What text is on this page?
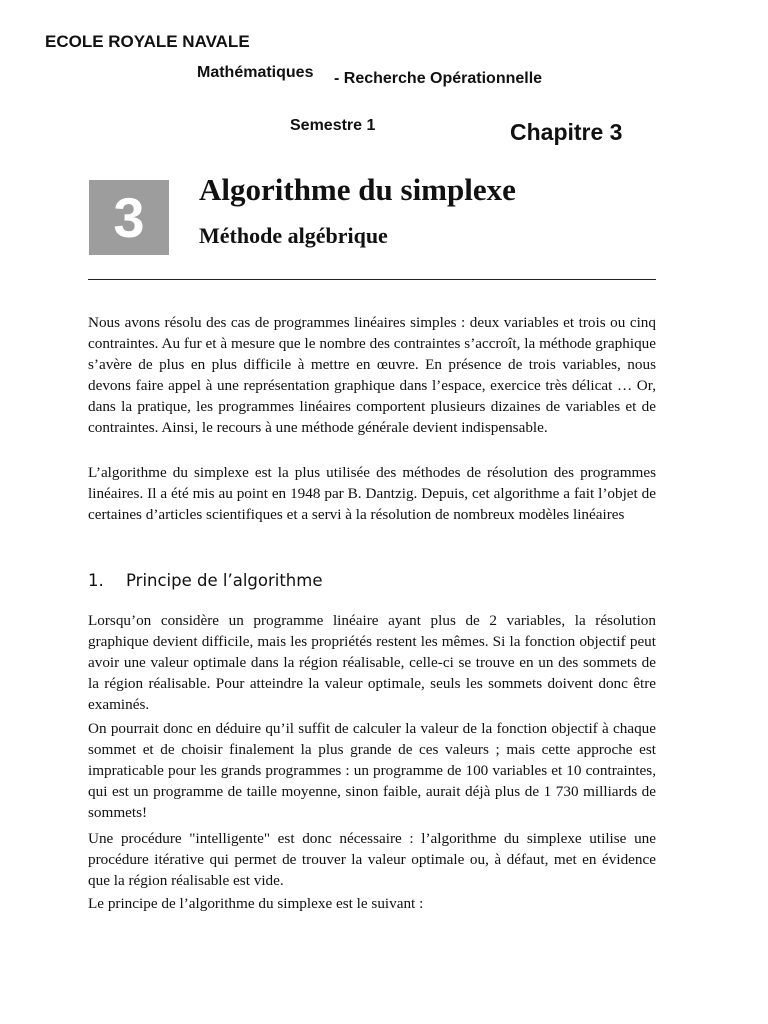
ECOLE ROYALE NAVALE
Mathématiques - Recherche Opérationnelle
Semestre 1	Chapitre 3
3	Algorithme du simplexe
Méthode algébrique

Nous avons résolu des cas de programmes linéaires simples : deux variables et trois ou cinq contraintes. Au fur et à mesure que le nombre des contraintes s’accroît, la méthode graphique s’avère de plus en plus difficile à mettre en œuvre. En présence de trois variables, nous devons faire appel à une représentation graphique dans l’espace, exercice très délicat … Or, dans la pratique, les programmes linéaires comportent plusieurs dizaines de variables et de contraintes. Ainsi, le recours à une méthode générale devient indispensable.

L’algorithme du simplexe est la plus utilisée des méthodes de résolution des programmes linéaires. Il a été mis au point en 1948 par B. Dantzig. Depuis, cet algorithme a fait l’objet de certaines d’articles scientifiques et a servi à la résolution de nombreux modèles linéaires

1. Principe de l’algorithme

Lorsqu’on considère un programme linéaire ayant plus de 2 variables, la résolution graphique devient difficile, mais les propriétés restent les mêmes. Si la fonction objectif peut avoir une valeur optimale dans la région réalisable, celle-ci se trouve en un des sommets de la région réalisable. Pour atteindre la valeur optimale, seuls les sommets doivent donc être examinés.

On pourrait donc en déduire qu’il suffit de calculer la valeur de la fonction objectif à chaque sommet et de choisir finalement la plus grande de ces valeurs ; mais cette approche est impraticable pour les grands programmes : un programme de 100 variables et 10 contraintes, qui est un programme de taille moyenne, sinon faible, aurait déjà plus de 1 730 milliards de sommets!

Une procédure "intelligente" est donc nécessaire : l’algorithme du simplexe utilise une procédure itérative qui permet de trouver la valeur optimale ou, à défaut, met en évidence que la région réalisable est vide.

Le principe de l’algorithme du simplexe est le suivant :
